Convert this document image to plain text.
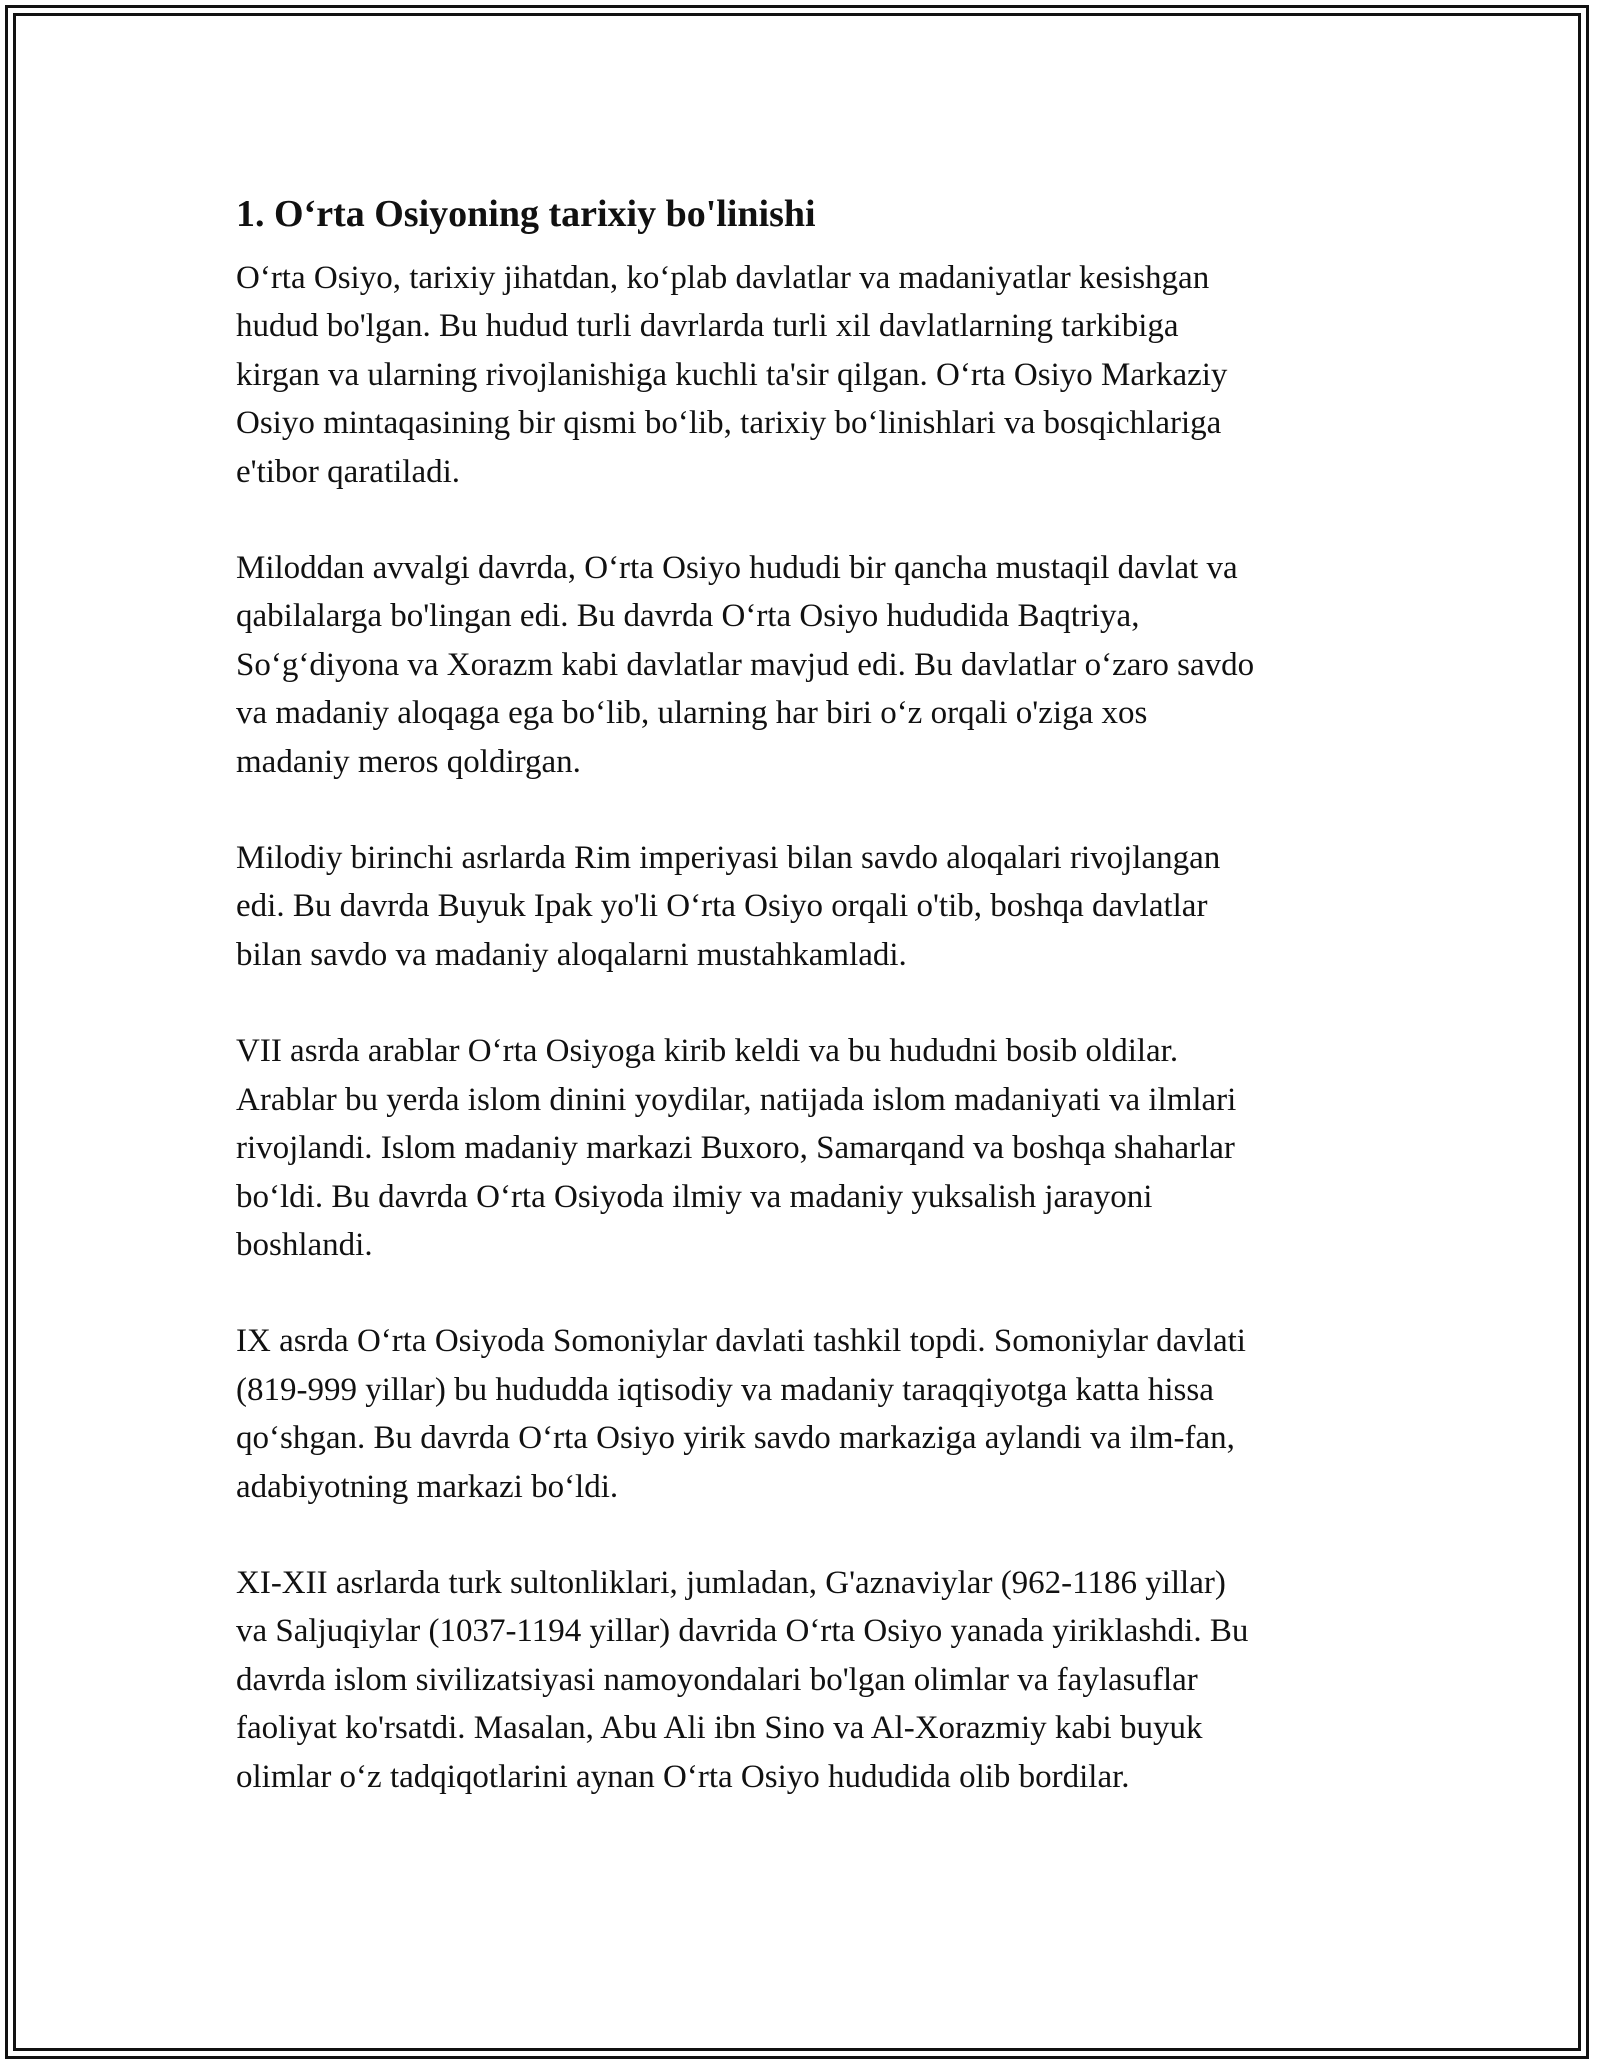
1. O‘rta Osiyoning tarixiy bo'linishi

O‘rta Osiyo, tarixiy jihatdan, ko‘plab davlatlar va madaniyatlar kesishgan
hudud bo'lgan. Bu hudud turli davrlarda turli xil davlatlarning tarkibiga
kirgan va ularning rivojlanishiga kuchli ta'sir qilgan. O‘rta Osiyo Markaziy
Osiyo mintaqasining bir qismi bo‘lib, tarixiy bo‘linishlari va bosqichlariga
e'tibor qaratiladi.

Miloddan avvalgi davrda, O‘rta Osiyo hududi bir qancha mustaqil davlat va
qabilalarga bo'lingan edi. Bu davrda O‘rta Osiyo hududida Baqtriya,
So‘g‘diyona va Xorazm kabi davlatlar mavjud edi. Bu davlatlar o‘zaro savdo
va madaniy aloqaga ega bo‘lib, ularning har biri o‘z orqali o'ziga xos
madaniy meros qoldirgan.

Milodiy birinchi asrlarda Rim imperiyasi bilan savdo aloqalari rivojlangan
edi. Bu davrda Buyuk Ipak yo'li O‘rta Osiyo orqali o'tib, boshqa davlatlar
bilan savdo va madaniy aloqalarni mustahkamladi.

VII asrda arablar O‘rta Osiyoga kirib keldi va bu hududni bosib oldilar.
Arablar bu yerda islom dinini yoydilar, natijada islom madaniyati va ilmlari
rivojlandi. Islom madaniy markazi Buxoro, Samarqand va boshqa shaharlar
bo‘ldi. Bu davrda O‘rta Osiyoda ilmiy va madaniy yuksalish jarayoni
boshlandi.

IX asrda O‘rta Osiyoda Somoniylar davlati tashkil topdi. Somoniylar davlati
(819-999 yillar) bu hududda iqtisodiy va madaniy taraqqiyotga katta hissa
qo‘shgan. Bu davrda O‘rta Osiyo yirik savdo markaziga aylandi va ilm-fan,
adabiyotning markazi bo‘ldi.

XI-XII asrlarda turk sultonliklari, jumladan, G'aznaviylar (962-1186 yillar)
va Saljuqiylar (1037-1194 yillar) davrida O‘rta Osiyo yanada yiriklashdi. Bu
davrda islom sivilizatsiyasi namoyondalari bo'lgan olimlar va faylasuflar
faoliyat ko'rsatdi. Masalan, Abu Ali ibn Sino va Al-Xorazmiy kabi buyuk
olimlar o‘z tadqiqotlarini aynan O‘rta Osiyo hududida olib bordilar.
